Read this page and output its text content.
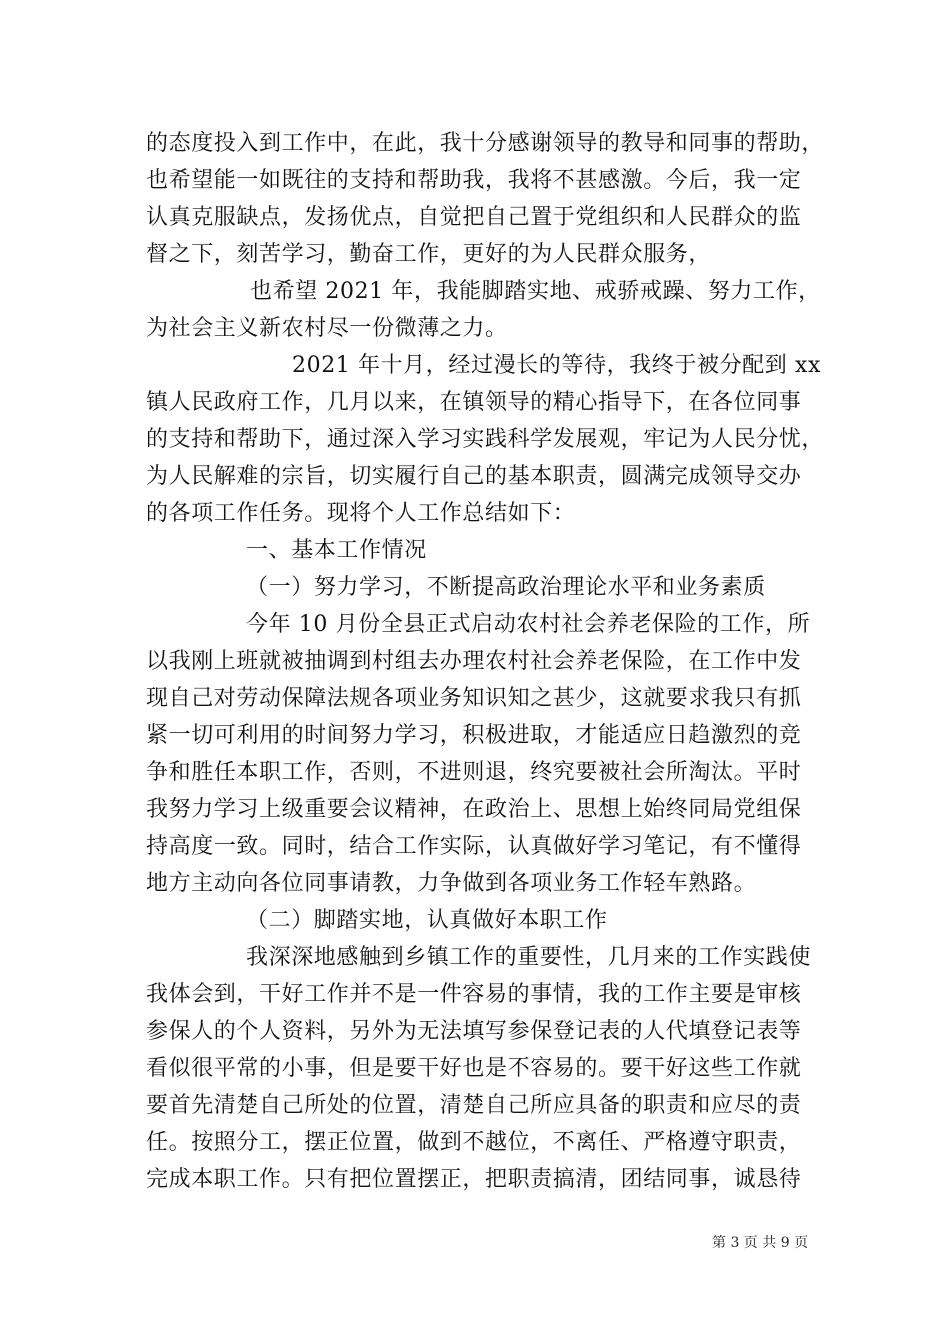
的态度投入到工作中，在此，我十分感谢领导的教导和同事的帮助，
也希望能一如既往的支持和帮助我，我将不甚感激。今后，我一定
认真克服缺点，发扬优点，自觉把自己置于党组织和人民群众的监
督之下，刻苦学习，勤奋工作，更好的为人民群众服务，
也希望 2021 年，我能脚踏实地、戒骄戒躁、努力工作，
为社会主义新农村尽一份微薄之力。
2021 年十月，经过漫长的等待，我终于被分配到 xx
镇人民政府工作，几月以来，在镇领导的精心指导下，在各位同事
的支持和帮助下，通过深入学习实践科学发展观，牢记为人民分忧，
为人民解难的宗旨，切实履行自己的基本职责，圆满完成领导交办
的各项工作任务。现将个人工作总结如下：
一、基本工作情况
（一）努力学习，不断提高政治理论水平和业务素质
今年 10 月份全县正式启动农村社会养老保险的工作，所
以我刚上班就被抽调到村组去办理农村社会养老保险，在工作中发
现自己对劳动保障法规各项业务知识知之甚少，这就要求我只有抓
紧一切可利用的时间努力学习，积极进取，才能适应日趋激烈的竞
争和胜任本职工作，否则，不进则退，终究要被社会所淘汰。平时
我努力学习上级重要会议精神，在政治上、思想上始终同局党组保
持高度一致。同时，结合工作实际，认真做好学习笔记，有不懂得
地方主动向各位同事请教，力争做到各项业务工作轻车熟路。
（二）脚踏实地，认真做好本职工作
我深深地感触到乡镇工作的重要性，几月来的工作实践使
我体会到，干好工作并不是一件容易的事情，我的工作主要是审核
参保人的个人资料，另外为无法填写参保登记表的人代填登记表等
看似很平常的小事，但是要干好也是不容易的。要干好这些工作就
要首先清楚自己所处的位置，清楚自己所应具备的职责和应尽的责
任。按照分工，摆正位置，做到不越位，不离任、严格遵守职责，
完成本职工作。只有把位置摆正，把职责搞清，团结同事，诚恳待
第 3 页 共 9 页
